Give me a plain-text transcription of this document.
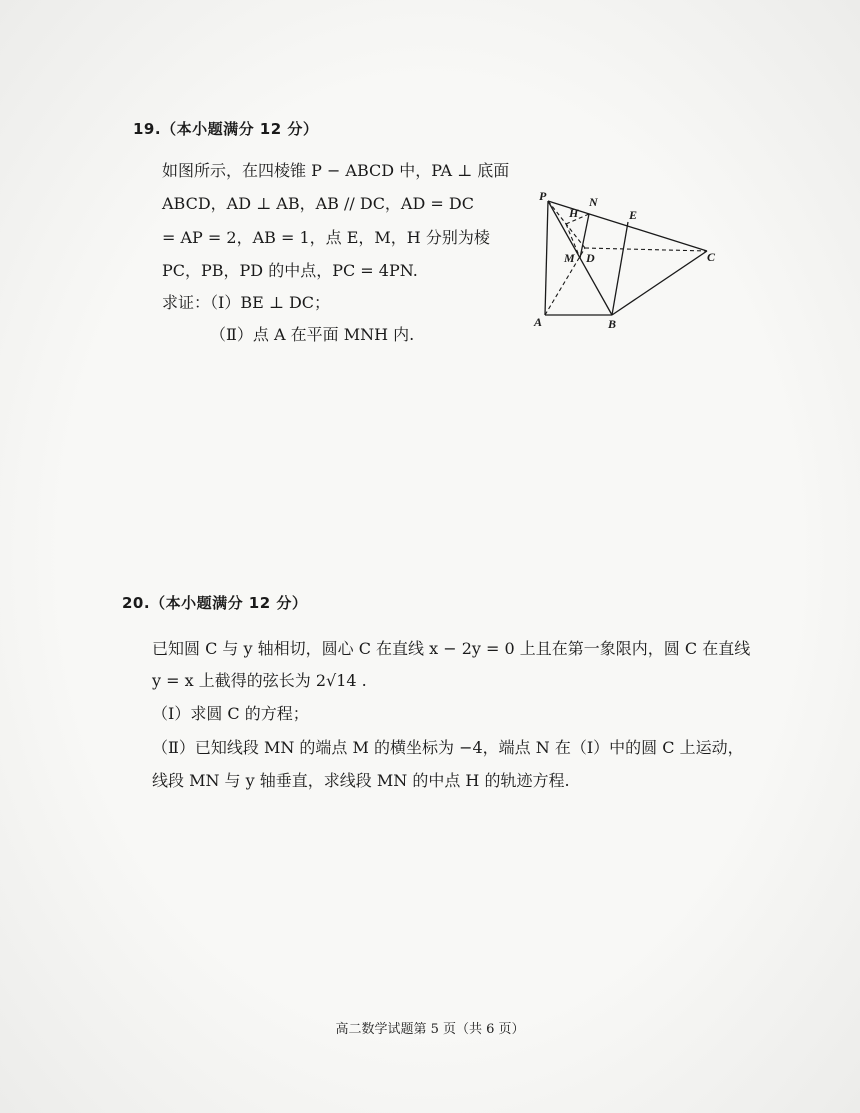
19.（本小题满分 12 分）
如图所示，在四棱锥 P − ABCD 中，PA ⊥ 底面
ABCD，AD ⊥ AB，AB // DC，AD = DC
= AP = 2，AB = 1，点 E，M，H 分别为棱
PC，PB，PD 的中点，PC = 4PN.
求证：（Ⅰ）BE ⊥ DC；
（Ⅱ）点 A 在平面 MNH 内.
P	N
H	E
M D	C
A	B
20.（本小题满分 12 分）
已知圆 C 与 y 轴相切，圆心 C 在直线 x − 2y = 0 上且在第一象限内，圆 C 在直线
y = x 上截得的弦长为 2√14 .
（Ⅰ）求圆 C 的方程；
（Ⅱ）已知线段 MN 的端点 M 的横坐标为 −4，端点 N 在（Ⅰ）中的圆 C 上运动，
线段 MN 与 y 轴垂直，求线段 MN 的中点 H 的轨迹方程.
高二数学试题第 5 页（共 6 页）
